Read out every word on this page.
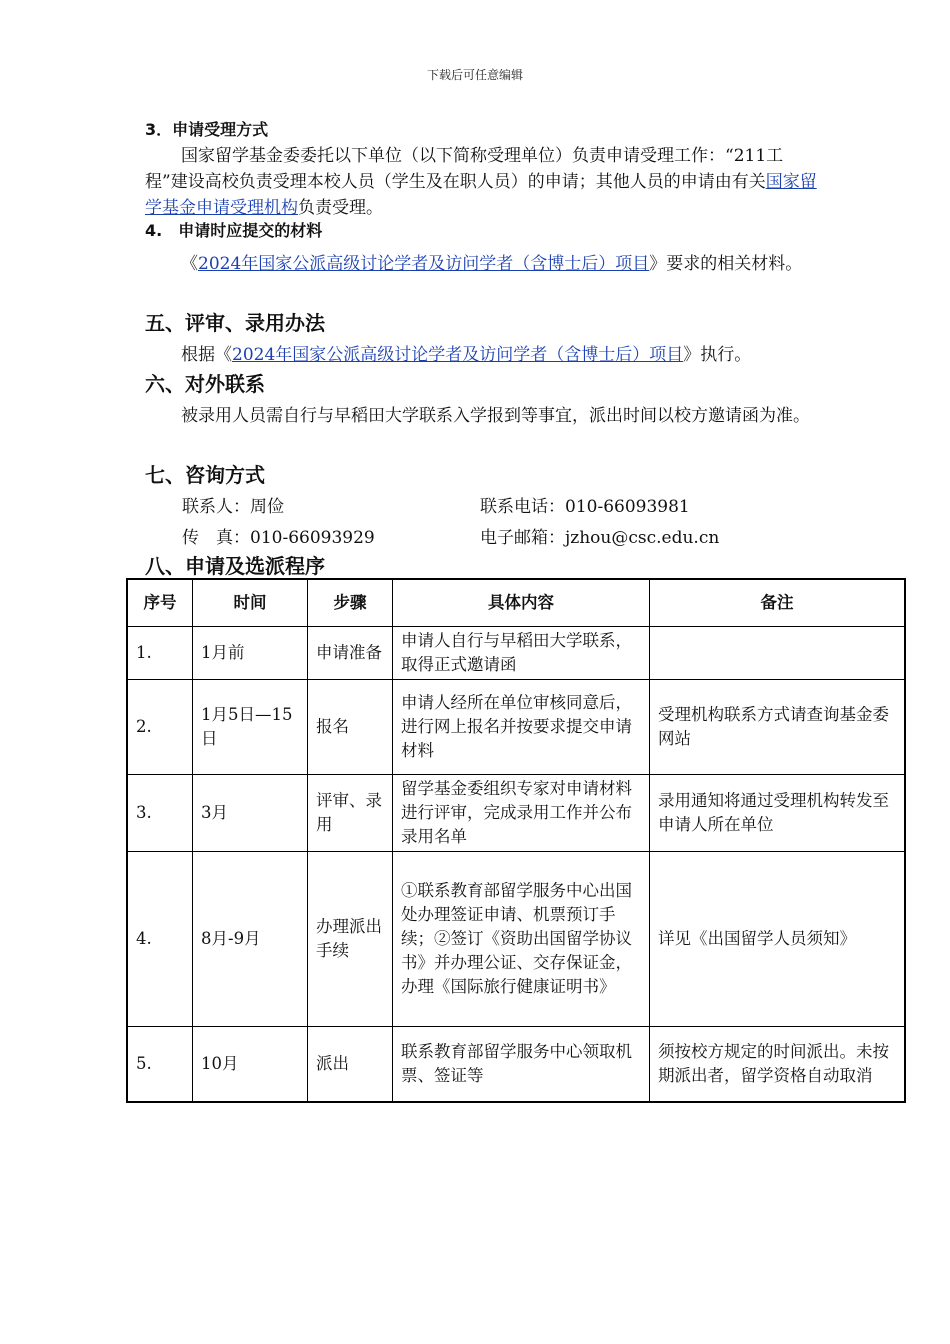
下载后可任意编辑
3．申请受理方式
国家留学基金委委托以下单位（以下简称受理单位）负责申请受理工作：“211工程”建设高校负责受理本校人员（学生及在职人员）的申请；其他人员的申请由有关国家留学基金申请受理机构负责受理。
4.　申请时应提交的材料
《2024年国家公派高级讨论学者及访问学者（含博士后）项目》要求的相关材料。
五、评审、录用办法
根据《2024年国家公派高级讨论学者及访问学者（含博士后）项目》执行。
六、对外联系
被录用人员需自行与早稻田大学联系入学报到等事宜，派出时间以校方邀请函为准。
七、咨询方式
联系人：周俭	联系电话：010-66093981
传　真：010-66093929	电子邮箱：jzhou@csc.edu.cn
八、申请及选派程序
序号	时间	步骤	具体内容	备注
1.	1月前	申请准备	申请人自行与早稻田大学联系，取得正式邀请函	
2.	1月5日—15日	报名	申请人经所在单位审核同意后，进行网上报名并按要求提交申请材料	受理机构联系方式请查询基金委网站
3.	3月	评审、录用	留学基金委组织专家对申请材料进行评审，完成录用工作并公布录用名单	录用通知将通过受理机构转发至申请人所在单位
4.	8月-9月	办理派出手续	①联系教育部留学服务中心出国处办理签证申请、机票预订手续；②签订《资助出国留学协议书》并办理公证、交存保证金，办理《国际旅行健康证明书》	详见《出国留学人员须知》
5.	10月	派出	联系教育部留学服务中心领取机票、签证等	须按校方规定的时间派出。未按期派出者，留学资格自动取消
